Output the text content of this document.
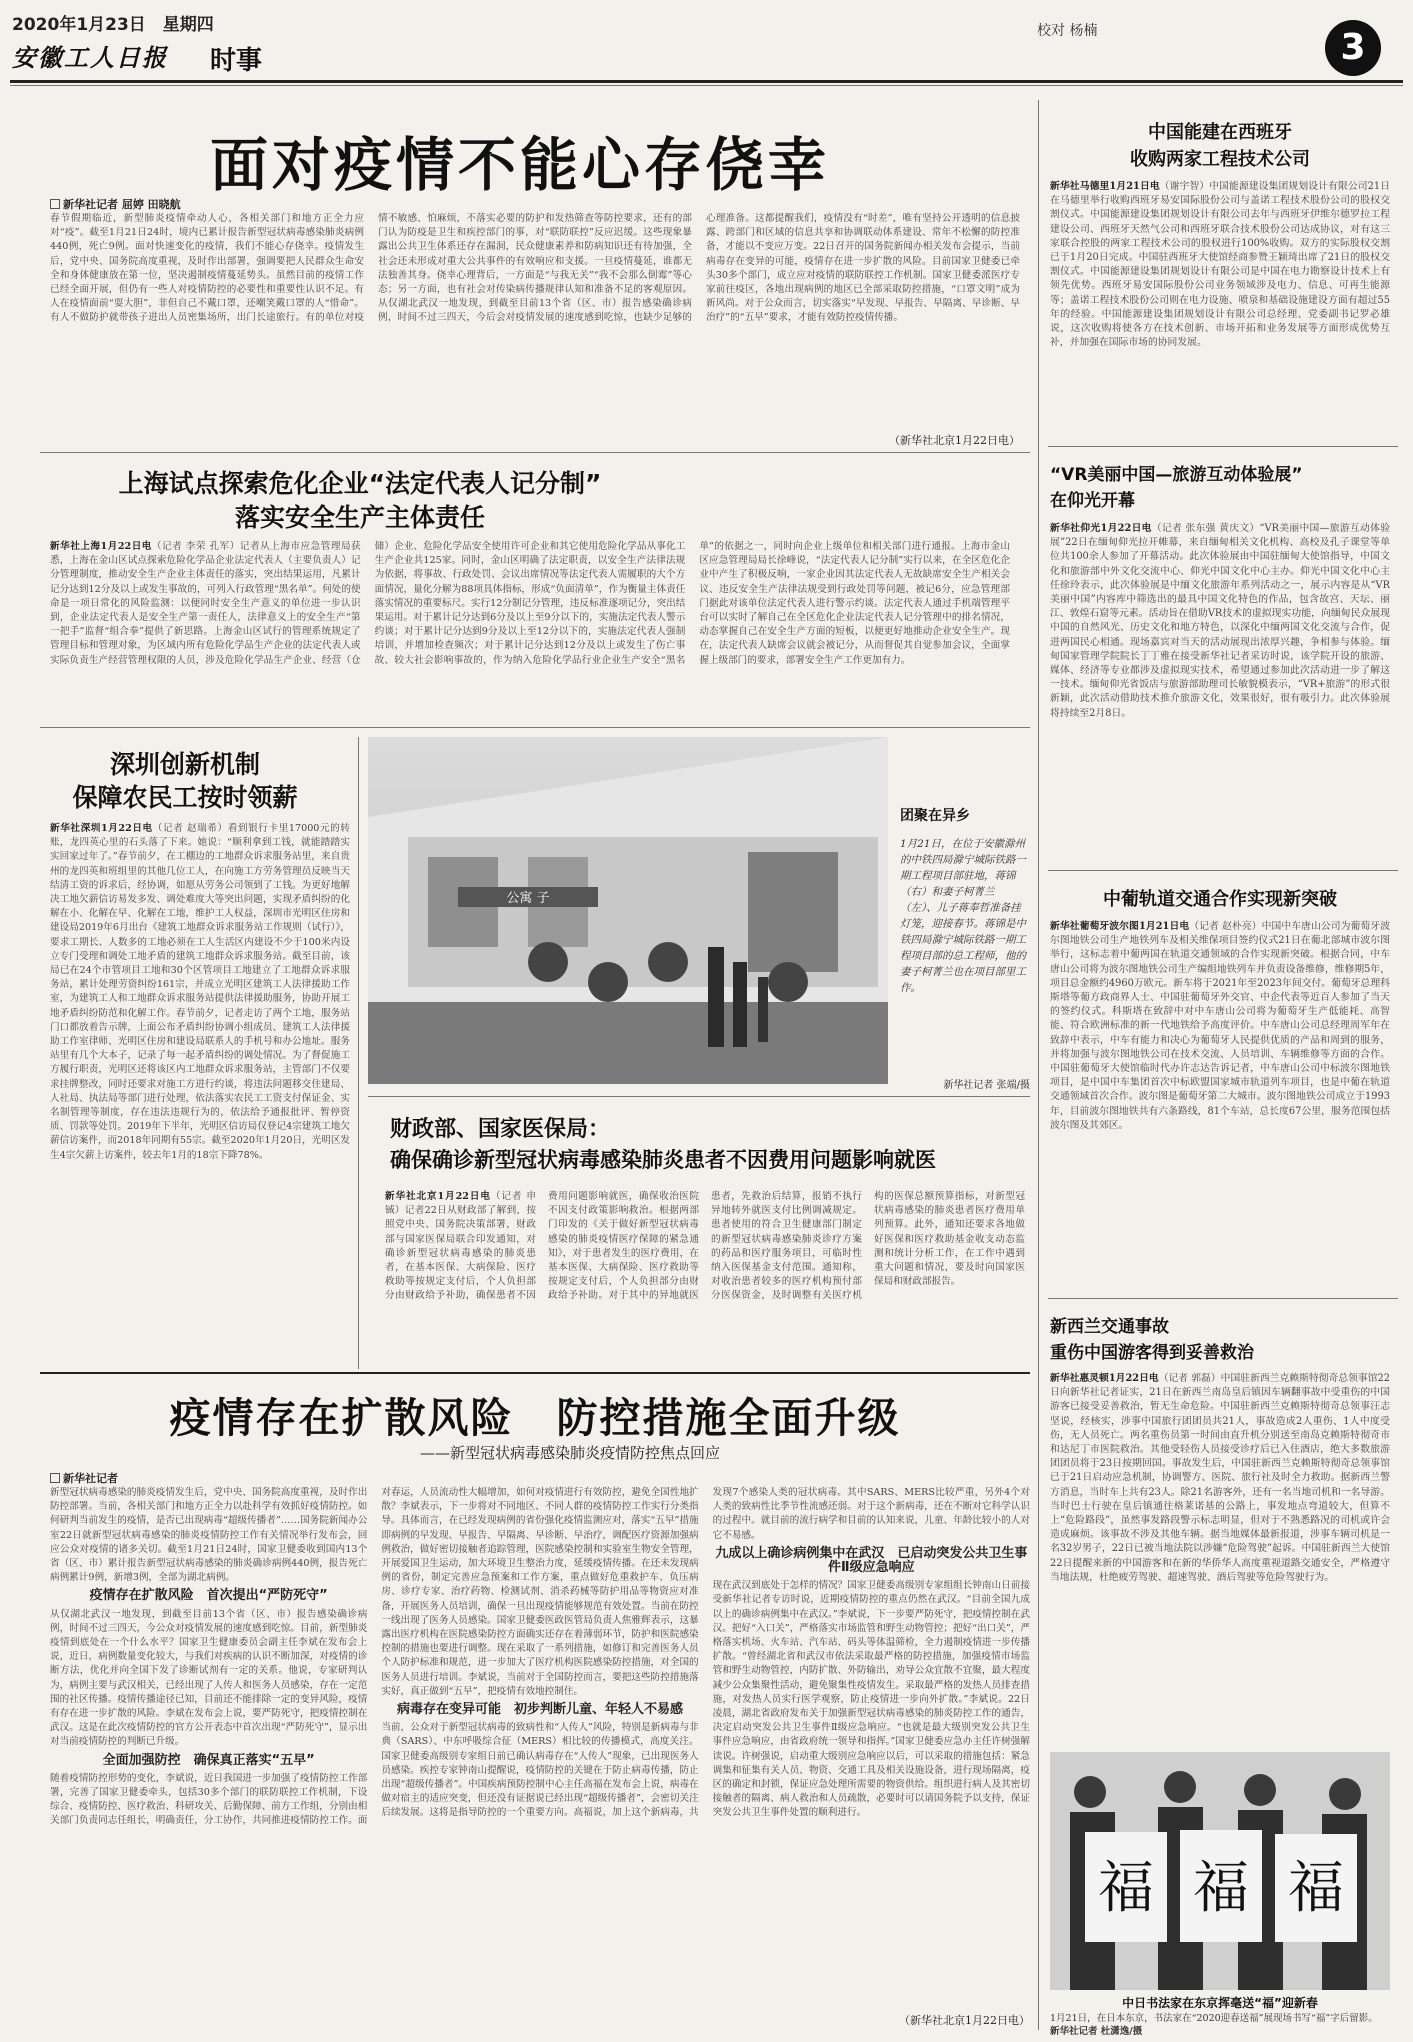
2020年1月23日　星期四
安徽工人日报 时事
校对 杨楠	3
面对疫情不能心存侥幸
新华社记者 屈婷 田晓航
春节假期临近，新型肺炎疫情牵动人心，各相关部门和地方正全力应对“疫”。截至1月21日24时，境内已累计报告新型冠状病毒感染肺炎病例440例，死亡9例。面对快速变化的疫情，我们不能心存侥幸。疫情发生后，党中央、国务院高度重视，及时作出部署，强调要把人民群众生命安全和身体健康放在第一位，坚决遏制疫情蔓延势头。虽然目前的疫情工作已经全面开展，但仍有一些人对疫情防控的必要性和重要性认识不足。有人在疫情面前“耍大胆”，非但自己不戴口罩，还嘲笑戴口罩的人“惜命”。有人不做防护就带孩子进出人员密集场所，出门长途旅行。有的单位对疫情不敏感、怕麻烦，不落实必要的防护和发热筛查等防控要求，还有的部门认为防疫是卫生和疾控部门的事，对“联防联控”反应迟缓。这些现象暴露出公共卫生体系还存在漏洞，民众健康素养和防病知识还有待加强，全社会还未形成对重大公共事件的有效响应和支援。一旦疫情蔓延，谁都无法独善其身。侥幸心理背后，一方面是“与我无关”“我不会那么倒霉”等心态；另一方面，也有社会对传染病传播规律认知和准备不足的客观原因。从仅湖北武汉一地发现，到截至目前13个省（区、市）报告感染确诊病例，时间不过三四天，今后会对疫情发展的速度感到吃惊，也缺少足够的心理准备。这都提醒我们，疫情没有“时差”，唯有坚持公开透明的信息披露、跨部门和区域的信息共享和协调联动体系建设、常年不松懈的防控准备，才能以不变应万变。22日召开的国务院新闻办相关发布会提示，当前病毒存在变异的可能，疫情存在进一步扩散的风险。目前国家卫健委已牵头30多个部门，成立应对疫情的联防联控工作机制。国家卫健委派医疗专家前往疫区，各地出现病例的地区已全部采取防控措施，“口罩文明”成为新风尚。对于公众而言，切实落实“早发现、早报告、早隔离、早诊断、早治疗”的“五早”要求，才能有效防控疫情传播。
（新华社北京1月22日电）
上海试点探索危化企业“法定代表人记分制”
落实安全生产主体责任
新华社上海1月22日电（记者 李荣 孔军）记者从上海市应急管理局获悉，上海在金山区试点探索危险化学品企业法定代表人（主要负责人）记分管理制度，推动安全生产企业主体责任的落实，突出结果运用，凡累计记分达到12分及以上或发生事故的，可列入行政管理“黑名单”。何处的使命是一项日常化的风险监测：以便同时安全生产意义的单位进一步认识到，企业法定代表人是安全生产第一责任人，法律意义上的安全生产“第一把手”监督“组合拳”提供了新思路。上海金山区试行的管理系统规定了管理目标和管理对象，为区域内所有危险化学品生产企业的法定代表人或实际负责生产经营管理权限的人员，涉及危险化学品生产企业、经营（仓储）企业、危险化学品安全使用许可企业和其它使用危险化学品从事化工生产企业共125家。同时，金山区明确了法定职责，以安全生产法律法规为依据，将事故、行政处罚、会议出席情况等法定代表人需履职的大个方面情况，量化分解为88项具体指标，形成“负面清单”，作为衡量主体责任落实情况的重要标尺。实行12分制记分管理，违反标准逐项记分，突出结果运用。对于累计记分达到6分及以上至9分以下的，实施法定代表人警示约谈；对于累计记分达到9分及以上至12分以下的，实施法定代表人强制培训，并增加检查频次；对于累计记分达到12分及以上或发生了伤亡事故、较大社会影响事故的，作为纳入危险化学品行业企业生产安全“黑名单”的依据之一，同时向企业上级单位和相关部门进行通报。上海市金山区应急管理局局长徐峰说，“法定代表人记分制”实行以来，在全区危化企业中产生了积极反响，一家企业因其法定代表人无故缺席安全生产相关会议、违反安全生产法律法规受到行政处罚等问题，被记6分，应急管理部门据此对该单位法定代表人进行警示约谈。法定代表人通过手机端管理平台可以实时了解自己在全区危化企业法定代表人记分管理中的排名情况，动态掌握自己在安全生产方面的短板，以便更好地推动企业安全生产。现在，法定代表人缺席会议就会被记分，从而督促其自觉参加会议，全面掌握上级部门的要求，部署安全生产工作更加有力。
深圳创新机制
保障农民工按时领薪
新华社深圳1月22日电（记者 赵瑞希）看到银行卡里17000元的转账，龙四英心里的石头落了下来。她说：“顺利拿到工钱，就能踏踏实实回家过年了。”春节前夕，在工棚边的工地群众诉求服务站里，来自贵州的龙四英和班组里的其他几位工人，在向施工方劳务管理员反映当天结清工资的诉求后，经协调，如愿从劳务公司领到了工钱。为更好地解决工地欠薪信访易发多发、调处难度大等突出问题，实现矛盾纠纷的化解在小、化解在早、化解在工地，维护工人权益，深圳市光明区住房和建设局2019年6月出台《建筑工地群众诉求服务站工作规则（试行）》，要求工期长、人数多的工地必须在工人生活区内建设不少于100米内设立专门受理和调处工地矛盾的建筑工地群众诉求服务站。截至目前，该局已在24个市管项目工地和30个区管项目工地建立了工地群众诉求服务站，累计处理劳资纠纷161宗，并成立光明区建筑工人法律援助工作室，为建筑工人和工地群众诉求服务站提供法律援助服务，协助开展工地矛盾纠纷防范和化解工作。春节前夕，记者走访了两个工地，服务站门口都放着告示牌，上面公布矛盾纠纷协调小组成员、建筑工人法律援助工作室律师、光明区住房和建设局联系人的手机号和办公地址。服务站里有几个大本子，记录了每一起矛盾纠纷的调处情况。为了督促施工方履行职责，光明区还将该区内工地群众诉求服务站，主管部门不仅要求挂牌整改，同时还要求对施工方进行约谈，将违法问题移交住建局、人社局、执法局等部门进行处理，依法落实农民工工资支付保证金、实名制管理等制度，存在违法违规行为的，依法给予通报批评、暂停资质、罚款等处罚。2019年下半年，光明区信访局仅登记4宗建筑工地欠薪信访案件，而2018年同期有55宗。截至2020年1月20日，光明区发生4宗欠薪上访案件，较去年1月的18宗下降78%。
公寓 子
团聚在异乡
1月21日，在位于安徽滁州的中铁四局滁宁城际铁路一期工程项目部驻地，蒋锦（右）和妻子柯菁兰（左）、儿子蒋奉哲准备挂灯笼，迎接春节。蒋锦是中铁四局滁宁城际铁路一期工程项目部的总工程师，他的妻子柯菁兰也在项目部里工作。
新华社记者 张端/摄
财政部、国家医保局：
确保确诊新型冠状病毒感染肺炎患者不因费用问题影响就医
新华社北京1月22日电（记者 申铖）记者22日从财政部了解到，按照党中央、国务院决策部署，财政部与国家医保局联合印发通知，对确诊新型冠状病毒感染的肺炎患者，在基本医保、大病保险、医疗救助等按规定支付后，个人负担部分由财政给予补助，确保患者不因费用问题影响就医，确保收治医院不因支付政策影响救治。根据两部门印发的《关于做好新型冠状病毒感染的肺炎疫情医疗保障的紧急通知》，对于患者发生的医疗费用，在基本医保、大病保险、医疗救助等按规定支付后，个人负担部分由财政给予补助。对于其中的异地就医患者，先救治后结算，报销不执行异地转外就医支付比例调减规定。患者使用的符合卫生健康部门制定的新型冠状病毒感染肺炎诊疗方案的药品和医疗服务项目，可临时性纳入医保基金支付范围。通知称，对收治患者较多的医疗机构预付部分医保资金，及时调整有关医疗机构的医保总额预算指标，对新型冠状病毒感染的肺炎患者医疗费用单列预算。此外，通知还要求各地做好医保和医疗救助基金收支动态监测和统计分析工作，在工作中遇到重大问题和情况，要及时向国家医保局和财政部报告。
疫情存在扩散风险　防控措施全面升级
——新型冠状病毒感染肺炎疫情防控焦点回应
新华社记者
新型冠状病毒感染的肺炎疫情发生后，党中央、国务院高度重视，及时作出防控部署。当前，各相关部门和地方正全力以赴科学有效抓好疫情防控。如何研判当前发生的疫情，是否已出现病毒“超级传播者”……国务院新闻办公室22日就新型冠状病毒感染的肺炎疫情防控工作有关情况举行发布会，回应公众对疫情的诸多关切。截至1月21日24时，国家卫健委收到国内13个省（区、市）累计报告新型冠状病毒感染的肺炎确诊病例440例，报告死亡病例累计9例，新增3例，全部为湖北病例。
疫情存在扩散风险　首次提出“严防死守”
从仅湖北武汉一地发现，到截至目前13个省（区、市）报告感染确诊病例，时间不过三四天，今公众对疫情发展的速度感到吃惊。目前，新型肺炎疫情到底处在一个什么水平？国家卫生健康委员会副主任李斌在发布会上说，近日，病例数量变化较大，与我们对疾病的认识不断加深，对疫情的诊断方法，优化并向全国下发了诊断试剂有一定的关系。他说，专家研判认为，病例主要与武汉相关，已经出现了人传人和医务人员感染，存在一定范围的社区传播。疫情传播途径已知，目前还不能排除一定的变异风险，疫情有存在进一步扩散的风险。李斌在发布会上说，要严防死守，把疫情控制在武汉。这是在此次疫情防控的官方公开表态中首次出现“严防死守”，显示出对当前疫情防控的判断已升级。
全面加强防控　确保真正落实“五早”
随着疫情防控形势的变化，李斌说，近日我国进一步加强了疫情防控工作部署，完善了国家卫健委牵头，包括30多个部门的联防联控工作机制，下设综合、疫情防控、医疗救治、科研攻关、后勤保障、前方工作组，分别由相关部门负责同志任组长，明确责任，分工协作，共同推进疫情防控工作。面对春运，人员流动性大幅增加，如何对疫情进行有效防控，避免全国性地扩散？李斌表示，下一步将对不同地区、不同人群的疫情防控工作实行分类指导。具体而言，在已经发现病例的省份强化疫情监测应对，落实“五早”措施即病例的早发现、早报告、早隔离、早诊断、早治疗，调配医疗资源加强病例救治，做好密切接触者追踪管理，医院感染控制和实验室生物安全管理，开展爱国卫生运动，加大环境卫生整治力度，延缓疫情传播。在还未发现病例的省份，制定完善应急预案和工作方案，重点做好危重救护车、负压病房、诊疗专家、治疗药物、检测试剂、消杀药械等防护用品等物资应对准备，开展医务人员培训，确保一旦出现疫情能够规范有效处置。当前在防控一线出现了医务人员感染。国家卫健委医政医管局负责人焦雅辉表示，这暴露出医疗机构在医院感染防控方面确实还存在着薄弱环节，防护和医院感染控制的措施也要进行调整。现在采取了一系列措施，如修订和完善医务人员个人防护标准和规范，进一步加大了医疗机构医院感染防控措施，对全国的医务人员进行培训。李斌说，当前对于全国防控而言，要把这些防控措施落实好，真正做到“五早”，把疫情有效地控制住。
病毒存在变异可能　初步判断儿童、年轻人不易感
当前，公众对于新型冠状病毒的致病性和“人传人”风险，特别是新病毒与非典（SARS）、中东呼吸综合征（MERS）相比较的传播模式，高度关注。国家卫健委高级别专家组日前已确认病毒存在“人传人”现象，已出现医务人员感染。疾控专家钟南山提醒说，疫情防控的关键在于防止病毒传播，防止出现“超级传播者”。中国疾病预防控制中心主任高福在发布会上说，病毒在做对宿主的适应突变，但还没有证据说已经出现“超级传播者”，会密切关注后续发展。这将是指导防控的一个重要方向。高福说，加上这个新病毒，共发现7个感染人类的冠状病毒。其中SARS、MERS比较严重，另外4个对人类的致病性比季节性流感还弱。对于这个新病毒，还在不断对它科学认识的过程中。就目前的流行病学和目前的认知来说，儿童、年龄比较小的人对它不易感。
九成以上确诊病例集中在武汉　已启动突发公共卫生事件Ⅱ级应急响应
现在武汉到底处于怎样的情况？国家卫健委高级别专家组组长钟南山日前接受新华社记者专访时说，近期疫情防控的重点仍然在武汉。“目前全国九成以上的确诊病例集中在武汉。”李斌说，下一步要严防死守，把疫情控制在武汉。把好“入口关”，严格落实市场监管和野生动物管控；把好“出口关”，严格落实机场、火车站、汽车站、码头等体温筛检，全力遏制疫情进一步传播扩散。“曾经湖北省和武汉市依法采取最严格的防控措施，加强疫情市场监管和野生动物管控，内防扩散、外防输出，劝导公众宜散不宜聚，最大程度减少公众集聚性活动，避免聚集性疫情发生。采取最严格的发热人员排查措施，对发热人员实行医学观察，防止疫情进一步向外扩散。”李斌说。22日凌晨，湖北省政府发布关于加强新型冠状病毒感染的肺炎防控工作的通告，决定启动突发公共卫生事件Ⅱ级应急响应。“也就是最大级别突发公共卫生事件应急响应，由省政府统一领导和指挥。”国家卫健委应急办主任许树强解读说。许树强说，启动重大级别应急响应以后，可以采取的措施包括：紧急调集和征集有关人员、物资、交通工具及相关设施设备，进行现场隔离，疫区的确定和封锁，保证应急处理所需要的物资供给。组织进行病人及其密切接触者的隔离、病人救治和人员疏散，必要时可以请国务院予以支持，保证突发公共卫生事件处置的顺利进行。
（新华社北京1月22日电）
中国能建在西班牙
收购两家工程技术公司
新华社马德里1月21日电（谢宇智）中国能源建设集团规划设计有限公司21日在马德里举行收购西班牙易安国际股份公司与盖诺工程技术股份公司的股权交割仪式。中国能源建设集团规划设计有限公司去年与西班牙伊维尔德罗拉工程建设公司、西班牙天然气公司和西班牙联合技术股份公司达成协议，对有这三家联合控股的两家工程技术公司的股权进行100%收购。双方的实际股权交割已于1月20日完成。中国驻西班牙大使馆经商参赞王颖琦出席了21日的股权交割仪式。中国能源建设集团规划设计有限公司是中国在电力勘察设计技术上有领先优势。西班牙易安国际股份公司业务领域涉及电力、信息、可再生能源等；盖诺工程技术股份公司则在电力设施、喷泉和基础设施建设方面有超过55年的经验。中国能源建设集团规划设计有限公司总经理、党委副书记罗必雄说，这次收购将使各方在技术创新、市场开拓和业务发展等方面形成优势互补，并加强在国际市场的协同发展。
“VR美丽中国—旅游互动体验展”
在仰光开幕
新华社仰光1月22日电（记者 张东强 黄庆文）“VR美丽中国—旅游互动体验展”22日在缅甸仰光拉开帷幕，来自缅甸相关文化机构、高校及孔子课堂等单位共100余人参加了开幕活动。此次体验展由中国驻缅甸大使馆指导，中国文化和旅游部中外文化交流中心、仰光中国文化中心主办。仰光中国文化中心主任徐玲表示，此次体验展是中缅文化旅游年系列活动之一，展示内容是从“VR美丽中国”内容库中筛选出的最具中国文化特色的作品，包含故宫、天坛、丽江、敦煌石窟等元素。活动旨在借助VR技术的虚拟现实功能，向缅甸民众展现中国的自然风光、历史文化和地方特色，以深化中缅两国文化交流与合作，促进两国民心相通。现场嘉宾对当天的活动展现出浓厚兴趣，争相参与体验。缅甸国家管理学院院长丁丁雅在接受新华社记者采访时说，该学院开设的旅游、媒体、经济等专业都涉及虚拟现实技术，希望通过参加此次活动进一步了解这一技术。缅甸仰光省饭店与旅游部助理司长敏貌模表示，“VR+旅游”的形式很新颖，此次活动借助技术推介旅游文化，效果很好，很有吸引力。此次体验展将持续至2月8日。
中葡轨道交通合作实现新突破
新华社葡萄牙波尔图1月21日电（记者 赵朴亮）中国中车唐山公司为葡萄牙波尔图地铁公司生产地铁列车及相关维保项目签约仪式21日在葡北部城市波尔图举行，这标志着中葡两国在轨道交通领域的合作实现新突破。根据合同，中车唐山公司将为波尔图地铁公司生产编组地铁列车并负责设备维修，维修期5年，项目总金额约4960万欧元。新车将于2021年至2023年间交付。葡萄牙总理科斯塔等葡方政商界人士、中国驻葡萄牙外交官、中企代表等近百人参加了当天的签约仪式。科斯塔在致辞中对中车唐山公司将为葡萄牙生产低能耗、高智能、符合欧洲标准的新一代地铁给予高度评价。中车唐山公司总经理周军年在致辞中表示，中车有能力和决心为葡萄牙人民提供优质的产品和周到的服务，并将加强与波尔图地铁公司在技术交流、人员培训、车辆维修等方面的合作。中国驻葡萄牙大使馆临时代办许志达告诉记者，中车唐山公司中标波尔图地铁项目，是中国中车集团首次中标欧盟国家城市轨道列车项目，也是中葡在轨道交通领域首次合作。波尔图是葡萄牙第二大城市。波尔图地铁公司成立于1993年，目前波尔图地铁共有六条路线，81个车站，总长度67公里，服务范围包括波尔图及其郊区。
新西兰交通事故
重伤中国游客得到妥善救治
新华社惠灵顿1月22日电（记者 郭磊）中国驻新西兰克赖斯特彻奇总领事馆22日向新华社记者证实，21日在新西兰南岛皇后镇因车辆翻事故中受重伤的中国游客已接受妥善救治，暂无生命危险。中国驻新西兰克赖斯特彻奇总领事汪志坚说，经核实，涉事中国旅行团团员共21人，事故造成2人重伤、1人中度受伤，无人员死亡。两名重伤员第一时间由直升机分别送至南岛克赖斯特彻奇市和达尼丁市医院救治。其他受轻伤人员接受诊疗后已入住酒店，绝大多数旅游团团员将于23日按期回国。事故发生后，中国驻新西兰克赖斯特彻奇总领事馆已于21日启动应急机制，协调警方、医院、旅行社及时全力救助。据新西兰警方消息，当时车上共有23人。除21名游客外，还有一名当地司机和一名导游。当时巴士行驶在皇后镇通往格莱诺基的公路上，事发地点弯道较大，但算不上“危险路段”，虽然事发路段警示标志明显，但对于不熟悉路况的司机或许会造成麻烦。该事故不涉及其他车辆。据当地媒体最新报道，涉事车辆司机是一名32岁男子，22日已被当地法院以涉嫌“危险驾驶”起诉。中国驻新西兰大使馆22日提醒来新的中国游客和在新的华侨华人高度重视道路交通安全，严格遵守当地法规，杜绝疲劳驾驶、超速驾驶、酒后驾驶等危险驾驶行为。
福 福 福
中日书法家在东京挥毫送“福”迎新春
1月21日，在日本东京，书法家在“2020迎春送福”展现场书写“福”字后留影。 新华社记者 杜潇逸/摄
